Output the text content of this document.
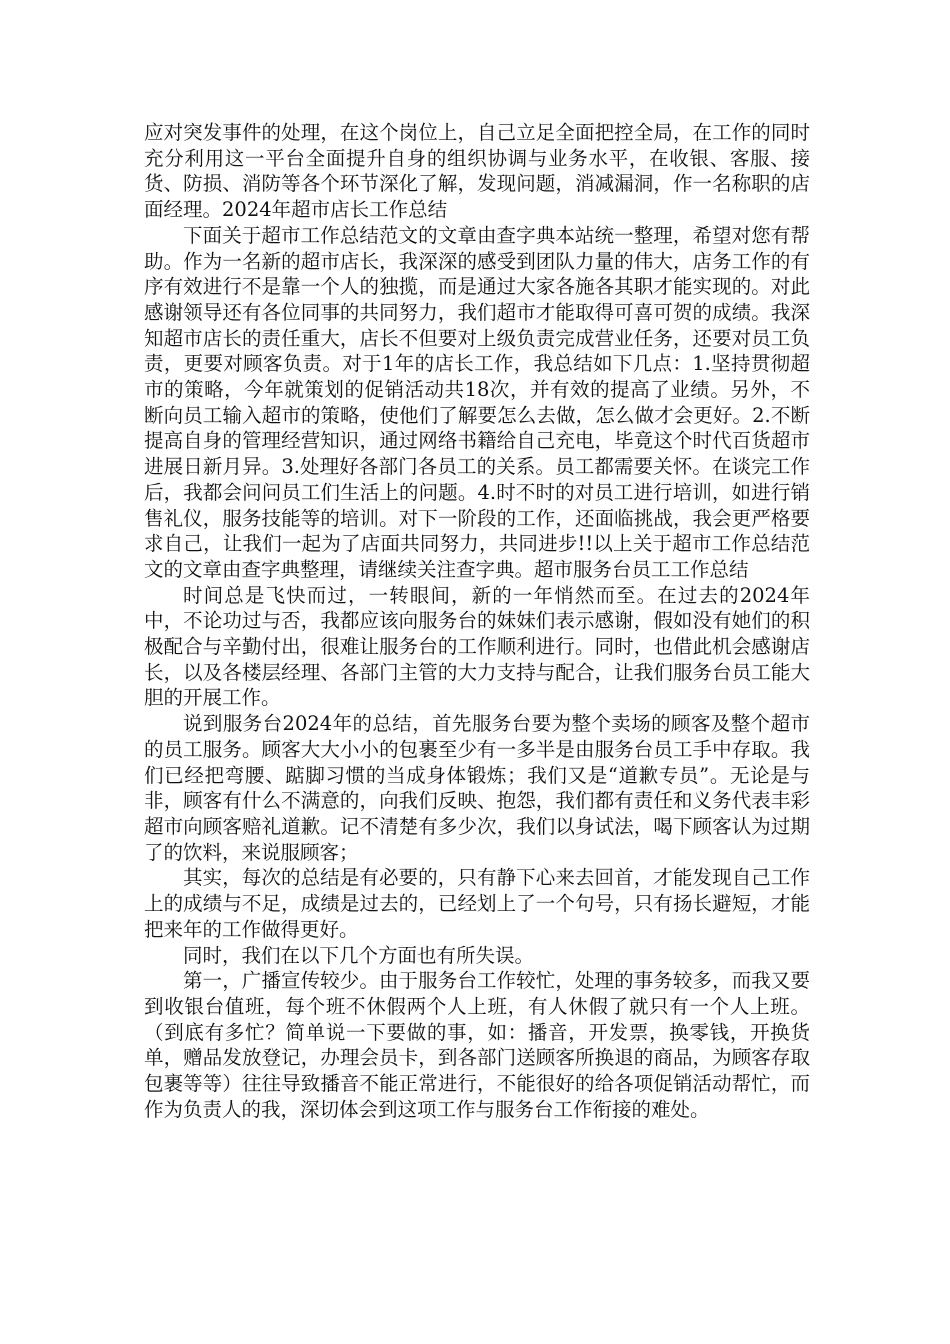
应对突发事件的处理，在这个岗位上，自己立足全面把控全局，在工作的同时充分利用这一平台全面提升自身的组织协调与业务水平，在收银、客服、接货、防损、消防等各个环节深化了解，发现问题，消减漏洞，作一名称职的店面经理。2024年超市店长工作总结

下面关于超市工作总结范文的文章由查字典本站统一整理，希望对您有帮助。作为一名新的超市店长，我深深的感受到团队力量的伟大，店务工作的有序有效进行不是靠一个人的独揽，而是通过大家各施各其职才能实现的。对此感谢领导还有各位同事的共同努力，我们超市才能取得可喜可贺的成绩。我深知超市店长的责任重大，店长不但要对上级负责完成营业任务，还要对员工负责，更要对顾客负责。对于1年的店长工作，我总结如下几点：1.坚持贯彻超市的策略，今年就策划的促销活动共18次，并有效的提高了业绩。另外，不断向员工输入超市的策略，使他们了解要怎么去做，怎么做才会更好。2.不断提高自身的管理经营知识，通过网络书籍给自己充电，毕竟这个时代百货超市进展日新月异。3.处理好各部门各员工的关系。员工都需要关怀。在谈完工作后，我都会问问员工们生活上的问题。4.时不时的对员工进行培训，如进行销售礼仪，服务技能等的培训。对下一阶段的工作，还面临挑战，我会更严格要求自己，让我们一起为了店面共同努力，共同进步!!以上关于超市工作总结范文的文章由查字典整理，请继续关注查字典。超市服务台员工工作总结

时间总是飞快而过，一转眼间，新的一年悄然而至。在过去的2024年中，不论功过与否，我都应该向服务台的妹妹们表示感谢，假如没有她们的积极配合与辛勤付出，很难让服务台的工作顺利进行。同时，也借此机会感谢店长，以及各楼层经理、各部门主管的大力支持与配合，让我们服务台员工能大胆的开展工作。

说到服务台2024年的总结，首先服务台要为整个卖场的顾客及整个超市的员工服务。顾客大大小小的包裹至少有一多半是由服务台员工手中存取。我们已经把弯腰、踮脚习惯的当成身体锻炼；我们又是“道歉专员”。无论是与非，顾客有什么不满意的，向我们反映、抱怨，我们都有责任和义务代表丰彩超市向顾客赔礼道歉。记不清楚有多少次，我们以身试法，喝下顾客认为过期了的饮料，来说服顾客；

其实，每次的总结是有必要的，只有静下心来去回首，才能发现自己工作上的成绩与不足，成绩是过去的，已经划上了一个句号，只有扬长避短，才能把来年的工作做得更好。

同时，我们在以下几个方面也有所失误。

第一，广播宣传较少。由于服务台工作较忙，处理的事务较多，而我又要到收银台值班，每个班不休假两个人上班，有人休假了就只有一个人上班。（到底有多忙？简单说一下要做的事，如：播音，开发票，换零钱，开换货单，赠品发放登记，办理会员卡，到各部门送顾客所换退的商品，为顾客存取包裹等等）往往导致播音不能正常进行，不能很好的给各项促销活动帮忙，而作为负责人的我，深切体会到这项工作与服务台工作衔接的难处。
